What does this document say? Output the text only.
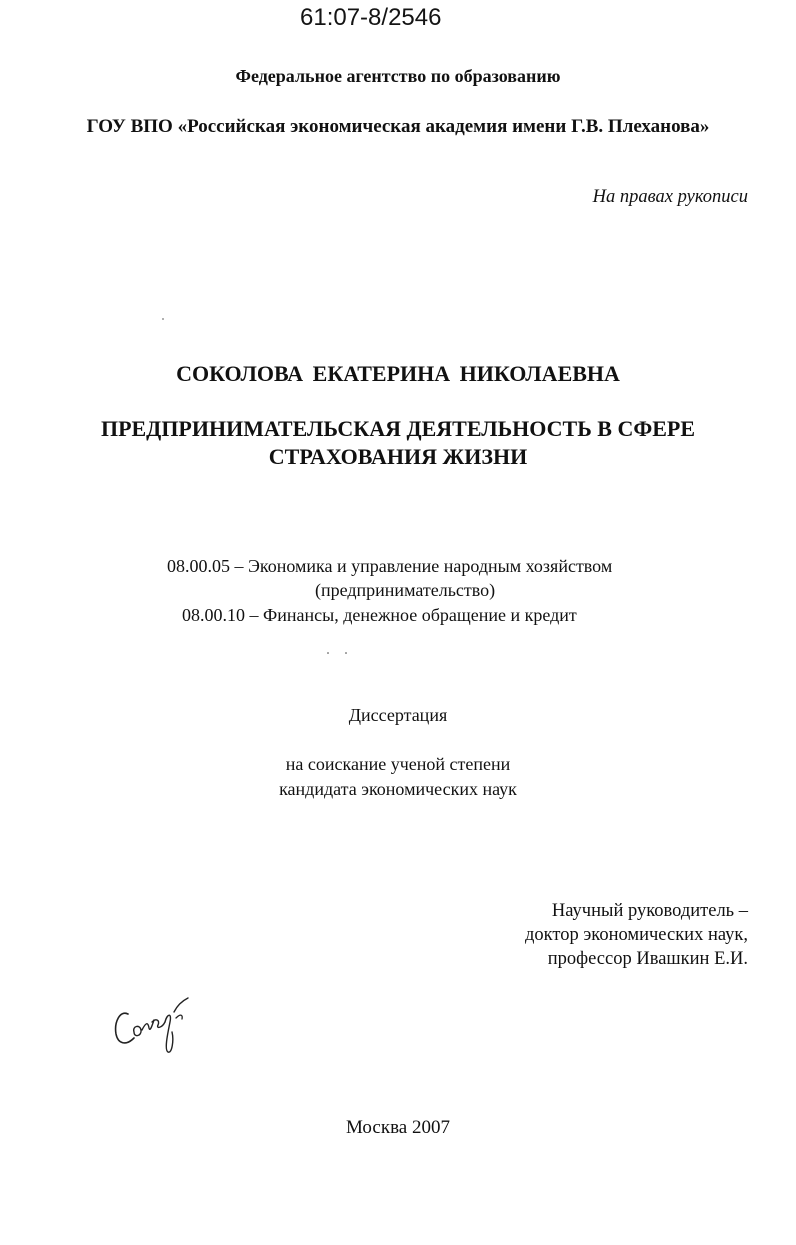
61:07-8/2546
Федеральное агентство по образованию
ГОУ ВПО «Российская экономическая академия имени Г.В. Плеханова»
На правах рукописи
СОКОЛОВА ЕКАТЕРИНА НИКОЛАЕВНА
ПРЕДПРИНИМАТЕЛЬСКАЯ ДЕЯТЕЛЬНОСТЬ В СФЕРЕ
СТРАХОВАНИЯ ЖИЗНИ
08.00.05 – Экономика и управление народным хозяйством
(предпринимательство)
08.00.10 – Финансы, денежное обращение и кредит
Диссертация
на соискание ученой степени
кандидата экономических наук
Научный руководитель –
доктор экономических наук,
профессор Ивашкин Е.И.
Москва 2007
